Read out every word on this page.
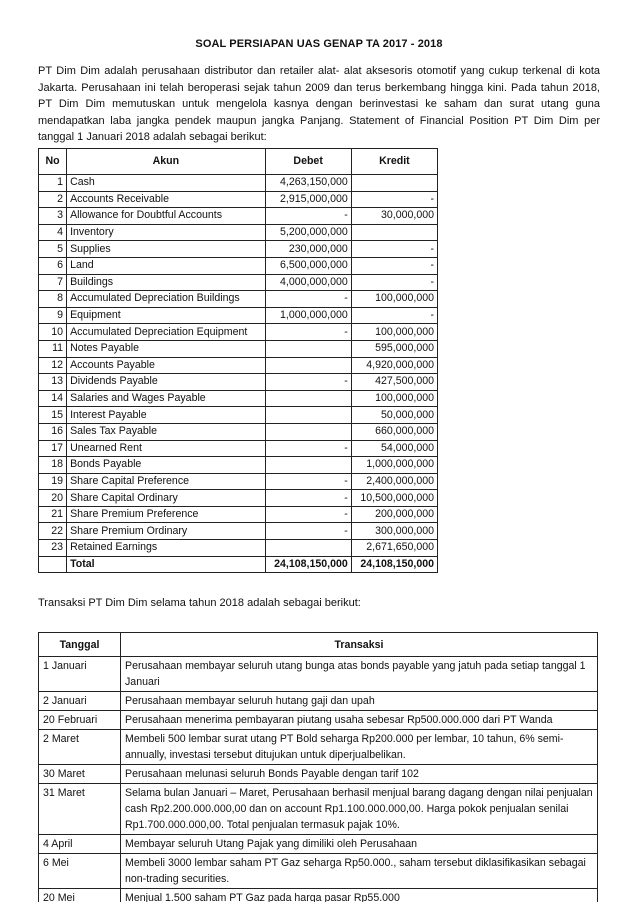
SOAL PERSIAPAN UAS GENAP TA 2017 - 2018

PT Dim Dim adalah perusahaan distributor dan retailer alat- alat aksesoris otomotif yang cukup terkenal di kota Jakarta. Perusahaan ini telah beroperasi sejak tahun 2009 dan terus berkembang hingga kini. Pada tahun 2018, PT Dim Dim memutuskan untuk mengelola kasnya dengan berinvestasi ke saham dan surat utang guna mendapatkan laba jangka pendek maupun jangka Panjang. Statement of Financial Position PT Dim Dim per tanggal 1 Januari 2018 adalah sebagai berikut:

No	Akun	Debet	Kredit
1	Cash	4,263,150,000	
2	Accounts Receivable	2,915,000,000	-
3	Allowance for Doubtful Accounts	-	30,000,000
4	Inventory	5,200,000,000	
5	Supplies	230,000,000	-
6	Land	6,500,000,000	-
7	Buildings	4,000,000,000	-
8	Accumulated Depreciation Buildings	-	100,000,000
9	Equipment	1,000,000,000	-
10	Accumulated Depreciation Equipment	-	100,000,000
11	Notes Payable		595,000,000
12	Accounts Payable		4,920,000,000
13	Dividends Payable	-	427,500,000
14	Salaries and Wages Payable		100,000,000
15	Interest Payable		50,000,000
16	Sales Tax Payable		660,000,000
17	Unearned Rent	-	54,000,000
18	Bonds Payable		1,000,000,000
19	Share Capital Preference	-	2,400,000,000
20	Share Capital Ordinary	-	10,500,000,000
21	Share Premium Preference	-	200,000,000
22	Share Premium Ordinary	-	300,000,000
23	Retained Earnings		2,671,650,000
	Total	24,108,150,000	24,108,150,000

Transaksi PT Dim Dim selama tahun 2018 adalah sebagai berikut:

Tanggal	Transaksi
1 Januari	Perusahaan membayar seluruh utang bunga atas bonds payable yang jatuh pada setiap tanggal 1 Januari
2 Januari	Perusahaan membayar seluruh hutang gaji dan upah
20 Februari	Perusahaan menerima pembayaran piutang usaha sebesar Rp500.000.000 dari PT Wanda
2 Maret	Membeli 500 lembar surat utang PT Bold seharga Rp200.000 per lembar, 10 tahun, 6% semi-annually, investasi tersebut ditujukan untuk diperjualbelikan.
30 Maret	Perusahaan melunasi seluruh Bonds Payable dengan tarif 102
31 Maret	Selama bulan Januari – Maret, Perusahaan berhasil menjual barang dagang dengan nilai penjualan cash Rp2.200.000.000,00 dan on account Rp1.100.000.000,00. Harga pokok penjualan senilai Rp1.700.000.000,00. Total penjualan termasuk pajak 10%.
4 April	Membayar seluruh Utang Pajak yang dimiliki oleh Perusahaan
6 Mei	Membeli 3000 lembar saham PT Gaz seharga Rp50.000., saham tersebut diklasifikasikan sebagai non-trading securities.
20 Mei	Menjual 1.500 saham PT Gaz pada harga pasar Rp55.000
